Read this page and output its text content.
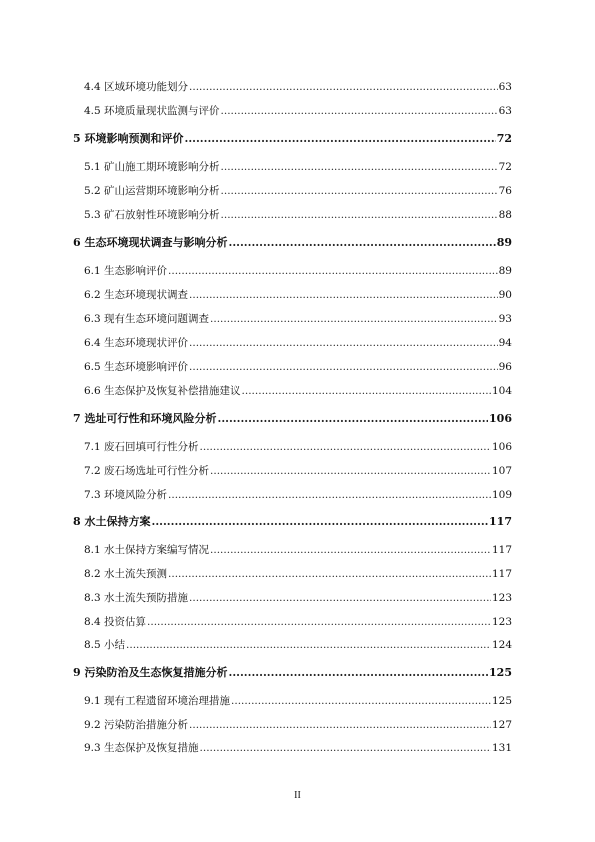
4.4 区域环境功能划分 .....	63
4.5 环境质量现状监测与评价 .....	63
5 环境影响预测和评价 .....	72
5.1 矿山施工期环境影响分析 .....	72
5.2 矿山运营期环境影响分析 .....	76
5.3 矿石放射性环境影响分析 .....	88
6 生态环境现状调查与影响分析 .....	89
6.1 生态影响评价 .....	89
6.2 生态环境现状调查 .....	90
6.3 现有生态环境问题调查 .....	93
6.4 生态环境现状评价 .....	94
6.5 生态环境影响评价 .....	96
6.6 生态保护及恢复补偿措施建议 .....	104
7 选址可行性和环境风险分析 .....	106
7.1 废石回填可行性分析 .....	106
7.2 废石场选址可行性分析 .....	107
7.3 环境风险分析 .....	109
8 水土保持方案 .....	117
8.1 水土保持方案编写情况 .....	117
8.2 水土流失预测 .....	117
8.3 水土流失预防措施 .....	123
8.4 投资估算 .....	123
8.5 小结 .....	124
9 污染防治及生态恢复措施分析 .....	125
9.1 现有工程遗留环境治理措施 .....	125
9.2 污染防治措施分析 .....	127
9.3 生态保护及恢复措施 .....	131
II
